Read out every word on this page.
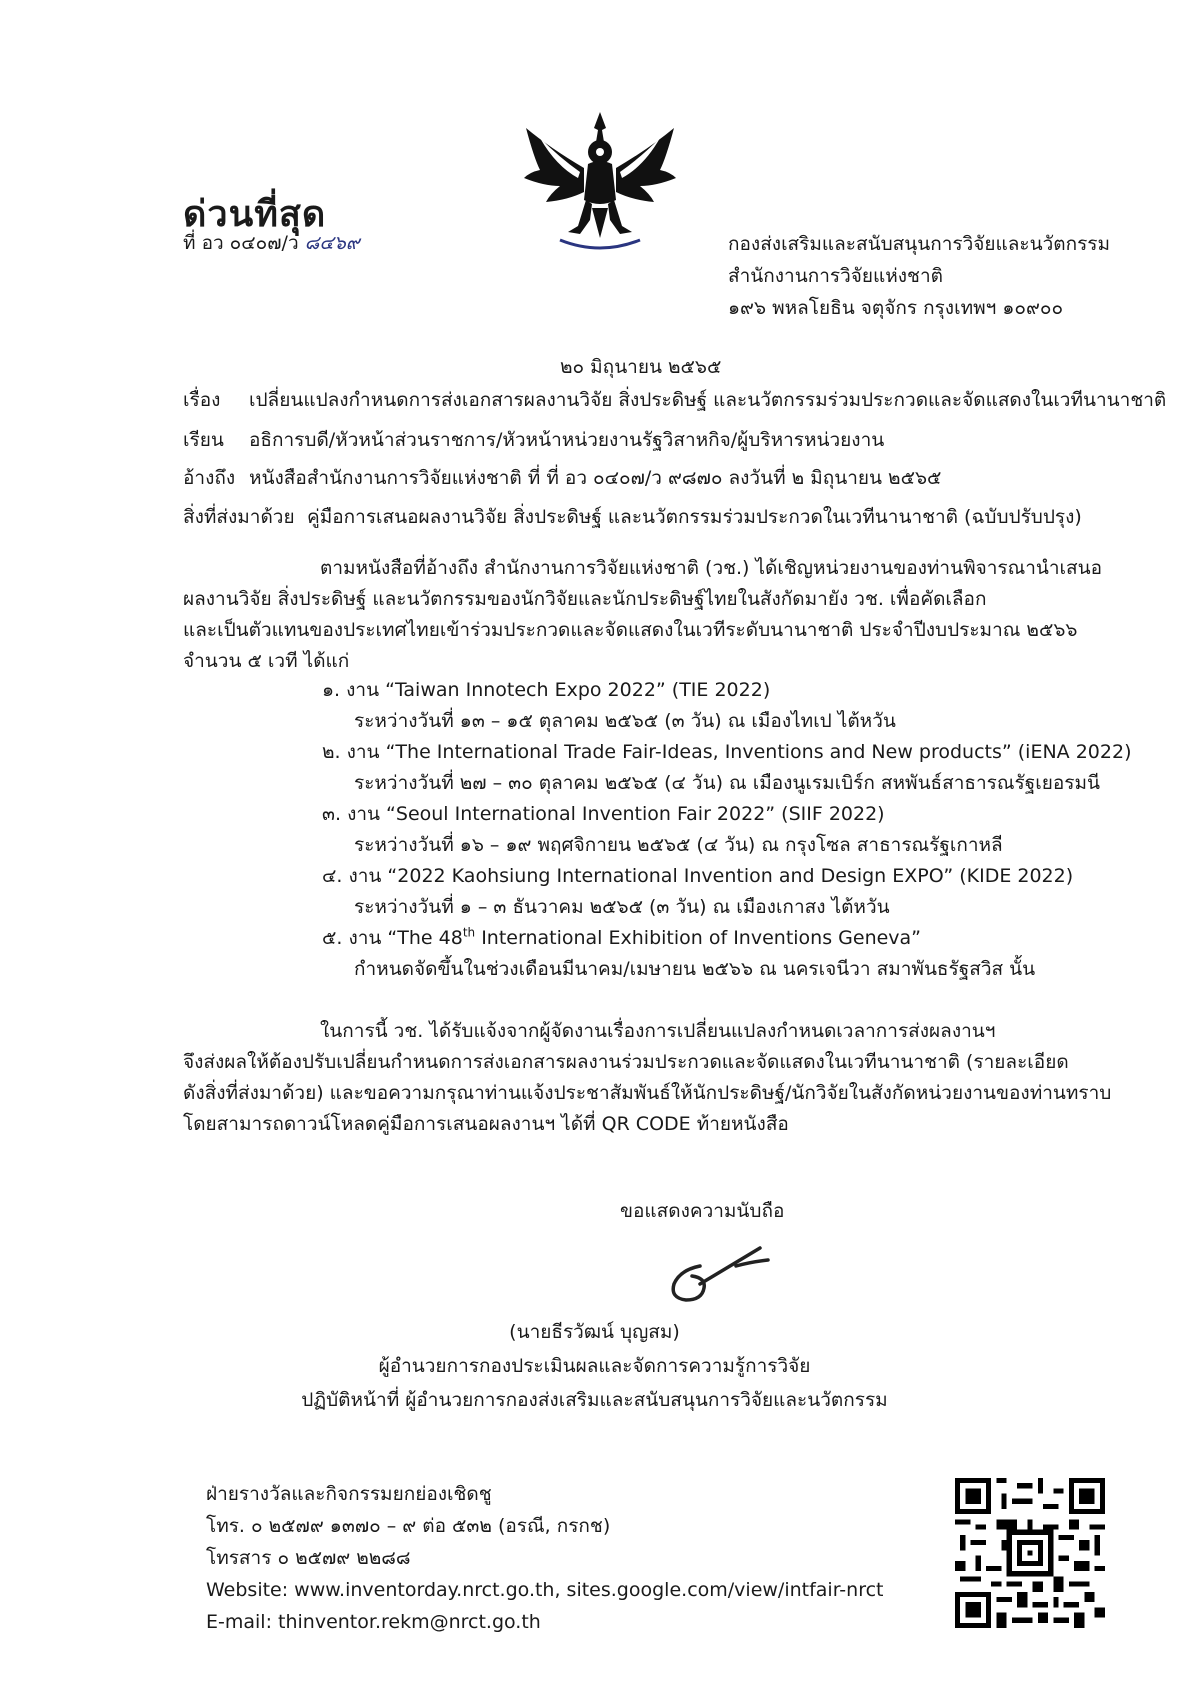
ด่วนที่สุด
ที่ อว ๐๔๐๗/ว ๘๔๖๙	กองส่งเสริมและสนับสนุนการวิจัยและนวัตกรรม
สำนักงานการวิจัยแห่งชาติ
๑๙๖ พหลโยธิน จตุจักร กรุงเทพฯ ๑๐๙๐๐
๒๐ มิถุนายน ๒๕๖๕
เรื่อง เปลี่ยนแปลงกำหนดการส่งเอกสารผลงานวิจัย สิ่งประดิษฐ์ และนวัตกรรมร่วมประกวดและจัดแสดงในเวทีนานาชาติ
เรียน อธิการบดี/หัวหน้าส่วนราชการ/หัวหน้าหน่วยงานรัฐวิสาหกิจ/ผู้บริหารหน่วยงาน
อ้างถึง หนังสือสำนักงานการวิจัยแห่งชาติ ที่ ที่ อว ๐๔๐๗/ว ๙๘๗๐ ลงวันที่ ๒ มิถุนายน ๒๕๖๕
สิ่งที่ส่งมาด้วย คู่มือการเสนอผลงานวิจัย สิ่งประดิษฐ์ และนวัตกรรมร่วมประกวดในเวทีนานาชาติ (ฉบับปรับปรุง)
ตามหนังสือที่อ้างถึง สำนักงานการวิจัยแห่งชาติ (วช.) ได้เชิญหน่วยงานของท่านพิจารณานำเสนอ
ผลงานวิจัย สิ่งประดิษฐ์ และนวัตกรรมของนักวิจัยและนักประดิษฐ์ไทยในสังกัดมายัง วช. เพื่อคัดเลือก
และเป็นตัวแทนของประเทศไทยเข้าร่วมประกวดและจัดแสดงในเวทีระดับนานาชาติ ประจำปีงบประมาณ ๒๕๖๖
จำนวน ๕ เวที ได้แก่
๑. งาน “Taiwan Innotech Expo 2022” (TIE 2022)
ระหว่างวันที่ ๑๓ – ๑๕ ตุลาคม ๒๕๖๕ (๓ วัน) ณ เมืองไทเป ไต้หวัน
๒. งาน “The International Trade Fair-Ideas, Inventions and New products” (iENA 2022)
ระหว่างวันที่ ๒๗ – ๓๐ ตุลาคม ๒๕๖๕ (๔ วัน) ณ เมืองนูเรมเบิร์ก สหพันธ์สาธารณรัฐเยอรมนี
๓. งาน “Seoul International Invention Fair 2022” (SIIF 2022)
ระหว่างวันที่ ๑๖ – ๑๙ พฤศจิกายน ๒๕๖๕ (๔ วัน) ณ กรุงโซล สาธารณรัฐเกาหลี
๔. งาน “2022 Kaohsiung International Invention and Design EXPO” (KIDE 2022)
ระหว่างวันที่ ๑ – ๓ ธันวาคม ๒๕๖๕ (๓ วัน) ณ เมืองเกาสง ไต้หวัน
๕. งาน “The 48th International Exhibition of Inventions Geneva”
กำหนดจัดขึ้นในช่วงเดือนมีนาคม/เมษายน ๒๕๖๖ ณ นครเจนีวา สมาพันธรัฐสวิส นั้น
ในการนี้ วช. ได้รับแจ้งจากผู้จัดงานเรื่องการเปลี่ยนแปลงกำหนดเวลาการส่งผลงานฯ
จึงส่งผลให้ต้องปรับเปลี่ยนกำหนดการส่งเอกสารผลงานร่วมประกวดและจัดแสดงในเวทีนานาชาติ (รายละเอียด
ดังสิ่งที่ส่งมาด้วย) และขอความกรุณาท่านแจ้งประชาสัมพันธ์ให้นักประดิษฐ์/นักวิจัยในสังกัดหน่วยงานของท่านทราบ
โดยสามารถดาวน์โหลดคู่มือการเสนอผลงานฯ ได้ที่ QR CODE ท้ายหนังสือ
ขอแสดงความนับถือ
(นายธีรวัฒน์ บุญสม)
ผู้อำนวยการกองประเมินผลและจัดการความรู้การวิจัย
ปฏิบัติหน้าที่ ผู้อำนวยการกองส่งเสริมและสนับสนุนการวิจัยและนวัตกรรม
ฝ่ายรางวัลและกิจกรรมยกย่องเชิดชู
โทร. ๐ ๒๕๗๙ ๑๓๗๐ – ๙ ต่อ ๕๓๒ (อรณี, กรกช)
โทรสาร ๐ ๒๕๗๙ ๒๒๘๘
Website: www.inventorday.nrct.go.th, sites.google.com/view/intfair-nrct
E-mail: thinventor.rekm@nrct.go.th
